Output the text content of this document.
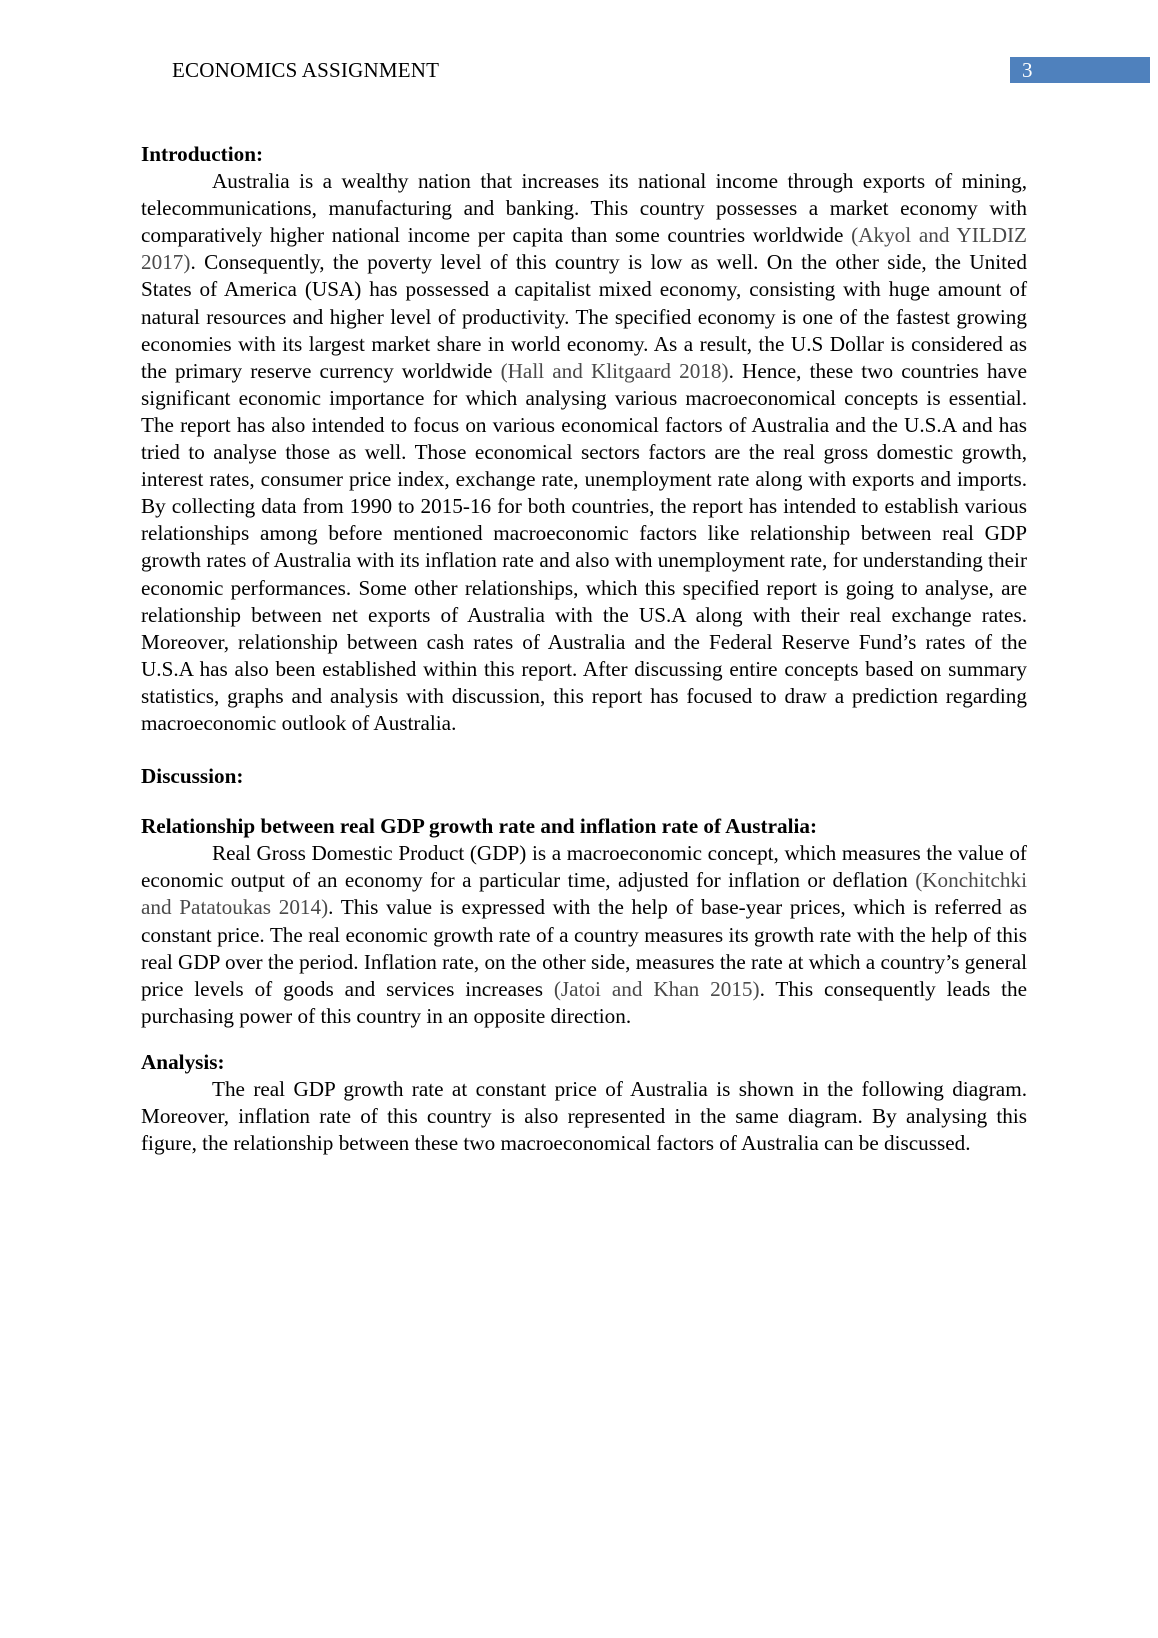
ECONOMICS ASSIGNMENT	3

Introduction:

Australia is a wealthy nation that increases its national income through exports of mining, telecommunications, manufacturing and banking. This country possesses a market economy with comparatively higher national income per capita than some countries worldwide (Akyol and YILDIZ 2017). Consequently, the poverty level of this country is low as well. On the other side, the United States of America (USA) has possessed a capitalist mixed economy, consisting with huge amount of natural resources and higher level of productivity. The specified economy is one of the fastest growing economies with its largest market share in world economy. As a result, the U.S Dollar is considered as the primary reserve currency worldwide (Hall and Klitgaard 2018). Hence, these two countries have significant economic importance for which analysing various macroeconomical concepts is essential. The report has also intended to focus on various economical factors of Australia and the U.S.A and has tried to analyse those as well. Those economical sectors factors are the real gross domestic growth, interest rates, consumer price index, exchange rate, unemployment rate along with exports and imports. By collecting data from 1990 to 2015-16 for both countries, the report has intended to establish various relationships among before mentioned macroeconomic factors like relationship between real GDP growth rates of Australia with its inflation rate and also with unemployment rate, for understanding their economic performances. Some other relationships, which this specified report is going to analyse, are relationship between net exports of Australia with the US.A along with their real exchange rates. Moreover, relationship between cash rates of Australia and the Federal Reserve Fund’s rates of the U.S.A has also been established within this report. After discussing entire concepts based on summary statistics, graphs and analysis with discussion, this report has focused to draw a prediction regarding macroeconomic outlook of Australia.

Discussion:

Relationship between real GDP growth rate and inflation rate of Australia:

Real Gross Domestic Product (GDP) is a macroeconomic concept, which measures the value of economic output of an economy for a particular time, adjusted for inflation or deflation (Konchitchki and Patatoukas 2014). This value is expressed with the help of base-year prices, which is referred as constant price. The real economic growth rate of a country measures its growth rate with the help of this real GDP over the period. Inflation rate, on the other side, measures the rate at which a country’s general price levels of goods and services increases (Jatoi and Khan 2015). This consequently leads the purchasing power of this country in an opposite direction.

Analysis:

The real GDP growth rate at constant price of Australia is shown in the following diagram. Moreover, inflation rate of this country is also represented in the same diagram. By analysing this figure, the relationship between these two macroeconomical factors of Australia can be discussed.
